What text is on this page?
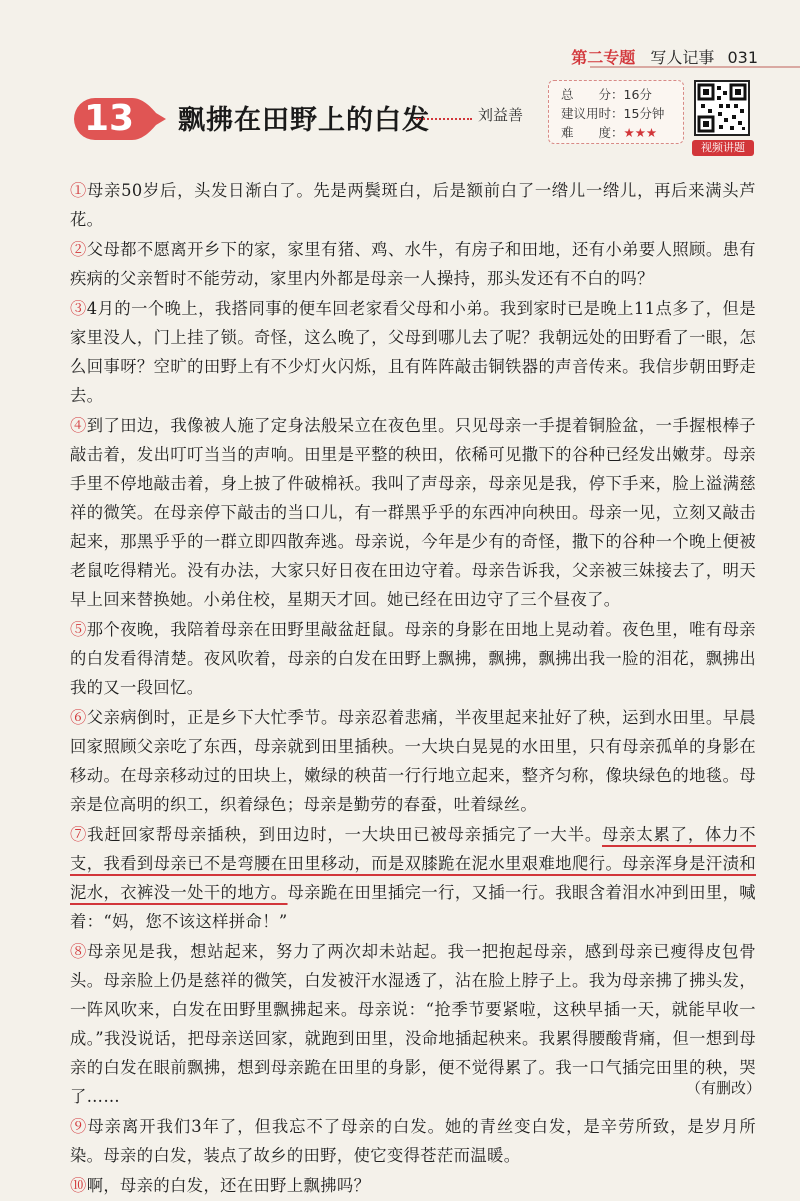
第二专题 写人记事 031
13	飘拂在田野上的白发	刘益善
总　　分：16分
建议用时：15分钟
难　　度：★★★
视频讲题

①母亲50岁后，头发日渐白了。先是两鬓斑白，后是额前白了一绺儿一绺儿，再后来满头芦花。

②父母都不愿离开乡下的家，家里有猪、鸡、水牛，有房子和田地，还有小弟要人照顾。患有疾病的父亲暂时不能劳动，家里内外都是母亲一人操持，那头发还有不白的吗？

③4月的一个晚上，我搭同事的便车回老家看父母和小弟。我到家时已是晚上11点多了，但是家里没人，门上挂了锁。奇怪，这么晚了，父母到哪儿去了呢？我朝远处的田野看了一眼，怎么回事呀？空旷的田野上有不少灯火闪烁，且有阵阵敲击铜铁器的声音传来。我信步朝田野走去。

④到了田边，我像被人施了定身法般呆立在夜色里。只见母亲一手提着铜脸盆，一手握根棒子敲击着，发出叮叮当当的声响。田里是平整的秧田，依稀可见撒下的谷种已经发出嫩芽。母亲手里不停地敲击着，身上披了件破棉袄。我叫了声母亲，母亲见是我，停下手来，脸上溢满慈祥的微笑。在母亲停下敲击的当口儿，有一群黑乎乎的东西冲向秧田。母亲一见，立刻又敲击起来，那黑乎乎的一群立即四散奔逃。母亲说，今年是少有的奇怪，撒下的谷种一个晚上便被老鼠吃得精光。没有办法，大家只好日夜在田边守着。母亲告诉我，父亲被三妹接去了，明天早上回来替换她。小弟住校，星期天才回。她已经在田边守了三个昼夜了。

⑤那个夜晚，我陪着母亲在田野里敲盆赶鼠。母亲的身影在田地上晃动着。夜色里，唯有母亲的白发看得清楚。夜风吹着，母亲的白发在田野上飘拂，飘拂，飘拂出我一脸的泪花，飘拂出我的又一段回忆。

⑥父亲病倒时，正是乡下大忙季节。母亲忍着悲痛，半夜里起来扯好了秧，运到水田里。早晨回家照顾父亲吃了东西，母亲就到田里插秧。一大块白晃晃的水田里，只有母亲孤单的身影在移动。在母亲移动过的田块上，嫩绿的秧苗一行行地立起来，整齐匀称，像块绿色的地毯。母亲是位高明的织工，织着绿色；母亲是勤劳的春蚕，吐着绿丝。

⑦我赶回家帮母亲插秧，到田边时，一大块田已被母亲插完了一大半。母亲太累了，体力不支，我看到母亲已不是弯腰在田里移动，而是双膝跪在泥水里艰难地爬行。母亲浑身是汗渍和泥水，衣裤没一处干的地方。母亲跪在田里插完一行，又插一行。我眼含着泪水冲到田里，喊着：“妈，您不该这样拼命！”

⑧母亲见是我，想站起来，努力了两次却未站起。我一把抱起母亲，感到母亲已瘦得皮包骨头。母亲脸上仍是慈祥的微笑，白发被汗水湿透了，沾在脸上脖子上。我为母亲拂了拂头发，一阵风吹来，白发在田野里飘拂起来。母亲说：“抢季节要紧啦，这秧早插一天，就能早收一成。”我没说话，把母亲送回家，就跑到田里，没命地插起秧来。我累得腰酸背痛，但一想到母亲的白发在眼前飘拂，想到母亲跪在田里的身影，便不觉得累了。我一口气插完田里的秧，哭了……

⑨母亲离开我们3年了，但我忘不了母亲的白发。她的青丝变白发，是辛劳所致，是岁月所染。母亲的白发，装点了故乡的田野，使它变得苍茫而温暖。

⑩啊，母亲的白发，还在田野上飘拂吗？

（有删改）
